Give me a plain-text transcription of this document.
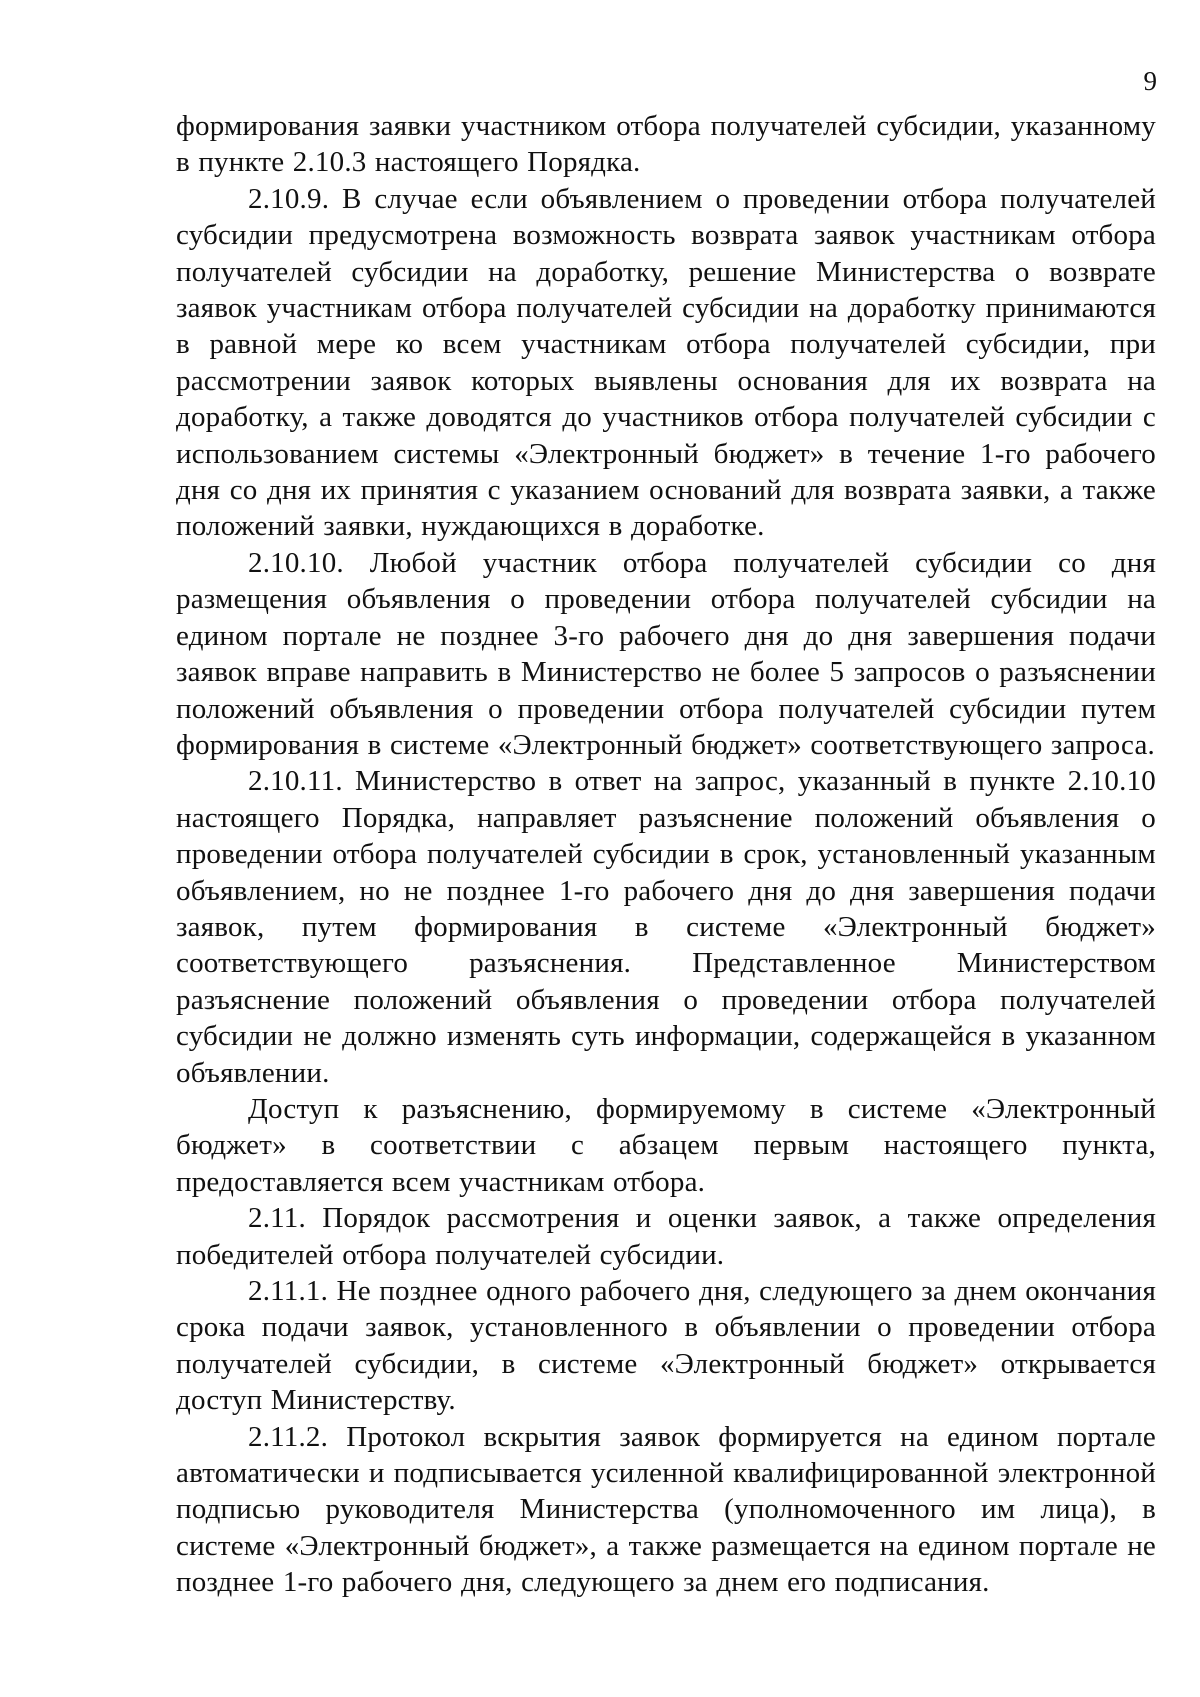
9

формирования заявки участником отбора получателей субсидии, указанному в пункте 2.10.3 настоящего Порядка.

2.10.9. В случае если объявлением о проведении отбора получателей субсидии предусмотрена возможность возврата заявок участникам отбора получателей субсидии на доработку, решение Министерства о возврате заявок участникам отбора получателей субсидии на доработку принимаются в равной мере ко всем участникам отбора получателей субсидии, при рассмотрении заявок которых выявлены основания для их возврата на доработку, а также доводятся до участников отбора получателей субсидии с использованием системы «Электронный бюджет» в течение 1-го рабочего дня со дня их принятия с указанием оснований для возврата заявки, а также положений заявки, нуждающихся в доработке.

2.10.10. Любой участник отбора получателей субсидии со дня размещения объявления о проведении отбора получателей субсидии на едином портале не позднее 3-го рабочего дня до дня завершения подачи заявок вправе направить в Министерство не более 5 запросов о разъяснении положений объявления о проведении отбора получателей субсидии путем формирования в системе «Электронный бюджет» соответствующего запроса.

2.10.11. Министерство в ответ на запрос, указанный в пункте 2.10.10 настоящего Порядка, направляет разъяснение положений объявления о проведении отбора получателей субсидии в срок, установленный указанным объявлением, но не позднее 1-го рабочего дня до дня завершения подачи заявок, путем формирования в системе «Электронный бюджет» соответствующего разъяснения. Представленное Министерством разъяснение положений объявления о проведении отбора получателей субсидии не должно изменять суть информации, содержащейся в указанном объявлении.

Доступ к разъяснению, формируемому в системе «Электронный бюджет» в соответствии с абзацем первым настоящего пункта, предоставляется всем участникам отбора.

2.11. Порядок рассмотрения и оценки заявок, а также определения победителей отбора получателей субсидии.

2.11.1. Не позднее одного рабочего дня, следующего за днем окончания срока подачи заявок, установленного в объявлении о проведении отбора получателей субсидии, в системе «Электронный бюджет» открывается доступ Министерству.

2.11.2. Протокол вскрытия заявок формируется на едином портале автоматически и подписывается усиленной квалифицированной электронной подписью руководителя Министерства (уполномоченного им лица), в системе «Электронный бюджет», а также размещается на едином портале не позднее 1-го рабочего дня, следующего за днем его подписания.
